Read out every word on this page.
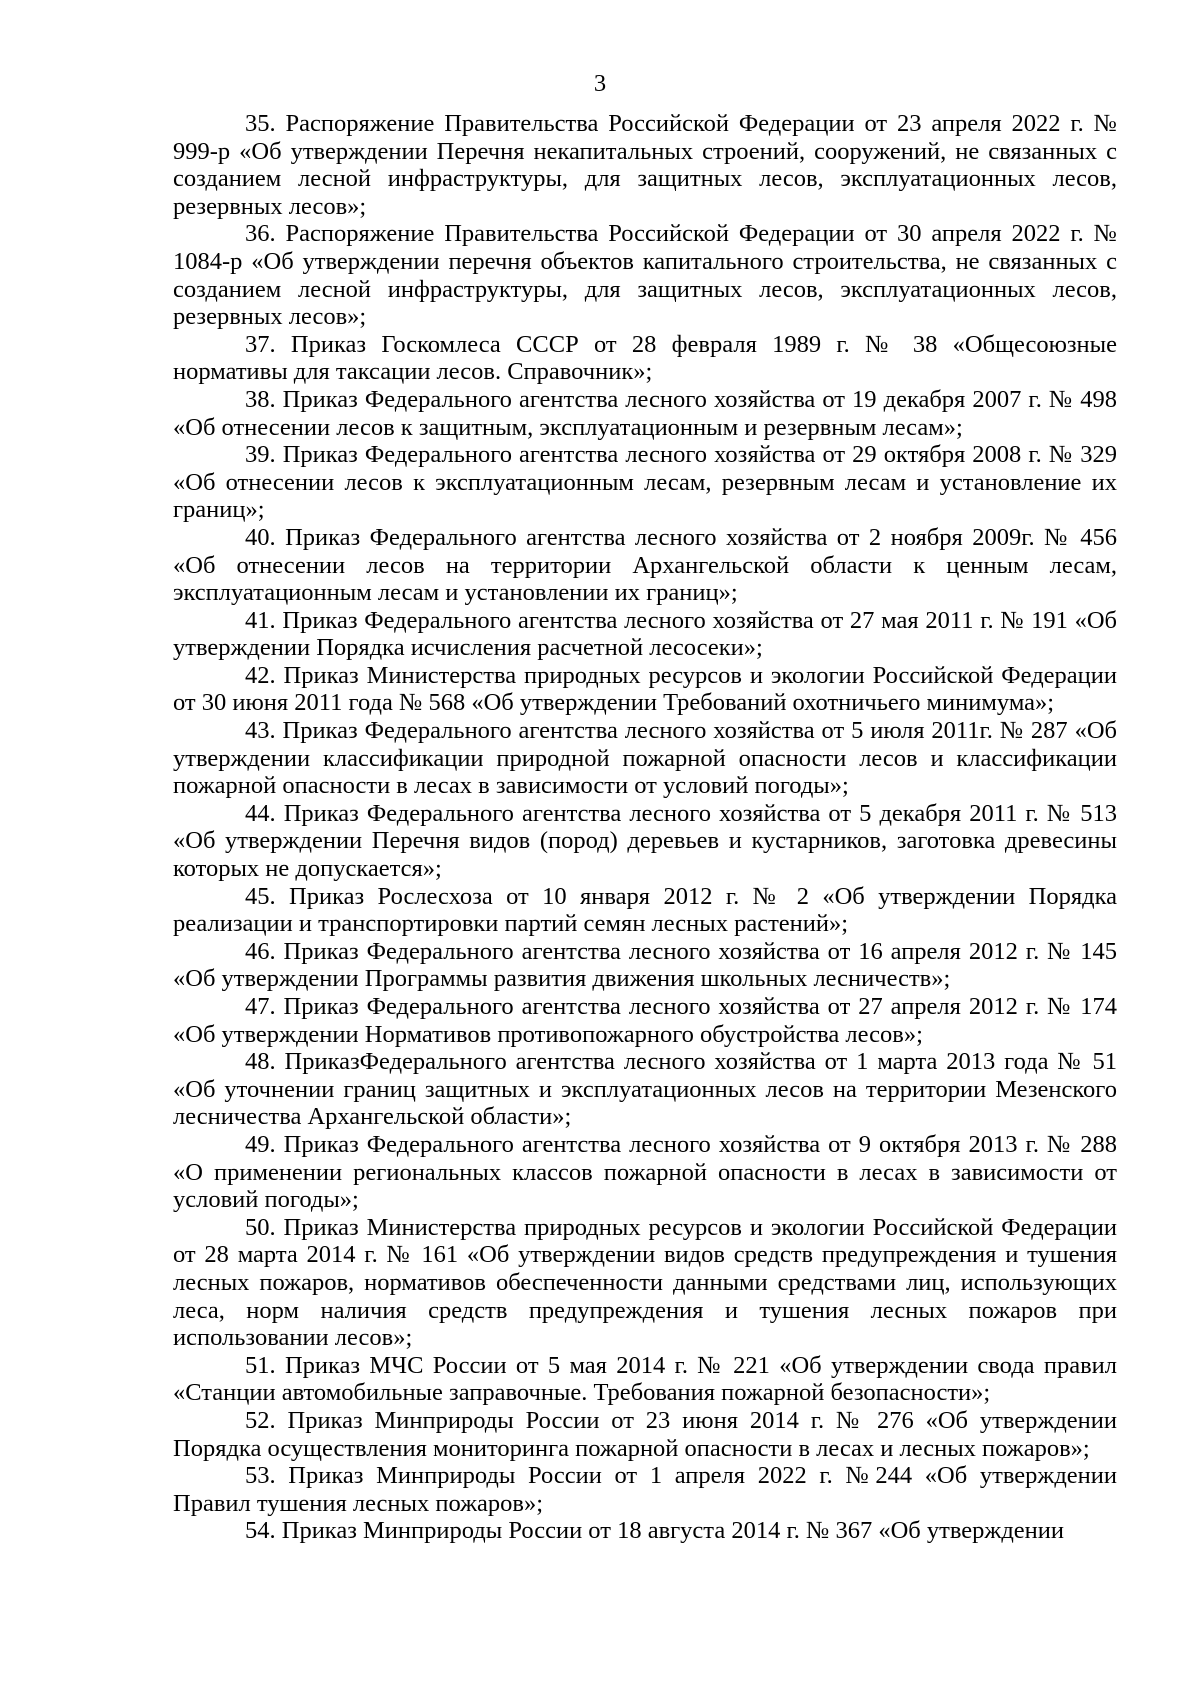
3

35. Распоряжение Правительства Российской Федерации от 23 апреля 2022 г. № 999-р «Об утверждении Перечня некапитальных строений, сооружений, не связанных с созданием лесной инфраструктуры, для защитных лесов, эксплуатационных лесов, резервных лесов»;

36. Распоряжение Правительства Российской Федерации от 30 апреля 2022 г. № 1084-р «Об утверждении перечня объектов капитального строительства, не связанных с созданием лесной инфраструктуры, для защитных лесов, эксплуатационных лесов, резервных лесов»;

37. Приказ Госкомлеса СССР от 28 февраля 1989 г. № 38 «Общесоюзные нормативы для таксации лесов. Справочник»;

38. Приказ Федерального агентства лесного хозяйства от 19 декабря 2007 г. № 498 «Об отнесении лесов к защитным, эксплуатационным и резервным лесам»;

39. Приказ Федерального агентства лесного хозяйства от 29 октября 2008 г. № 329 «Об отнесении лесов к эксплуатационным лесам, резервным лесам и установление их границ»;

40. Приказ Федерального агентства лесного хозяйства от 2 ноября 2009г. № 456 «Об отнесении лесов на территории Архангельской области к ценным лесам, эксплуатационным лесам и установлении их границ»;

41. Приказ Федерального агентства лесного хозяйства от 27 мая 2011 г. № 191 «Об утверждении Порядка исчисления расчетной лесосеки»;

42. Приказ Министерства природных ресурсов и экологии Российской Федерации от 30 июня 2011 года № 568 «Об утверждении Требований охотничьего минимума»;

43. Приказ Федерального агентства лесного хозяйства от 5 июля 2011г. № 287 «Об утверждении классификации природной пожарной опасности лесов и классификации пожарной опасности в лесах в зависимости от условий погоды»;

44. Приказ Федерального агентства лесного хозяйства от 5 декабря 2011 г. № 513 «Об утверждении Перечня видов (пород) деревьев и кустарников, заготовка древесины которых не допускается»;

45. Приказ Рослесхоза от 10 января 2012 г. № 2 «Об утверждении Порядка реализации и транспортировки партий семян лесных растений»;

46. Приказ Федерального агентства лесного хозяйства от 16 апреля 2012 г. № 145 «Об утверждении Программы развития движения школьных лесничеств»;

47. Приказ Федерального агентства лесного хозяйства от 27 апреля 2012 г. № 174 «Об утверждении Нормативов противопожарного обустройства лесов»;

48. ПриказФедерального агентства лесного хозяйства от 1 марта 2013 года № 51 «Об уточнении границ защитных и эксплуатационных лесов на территории Мезенского лесничества Архангельской области»;

49. Приказ Федерального агентства лесного хозяйства от 9 октября 2013 г. № 288 «О применении региональных классов пожарной опасности в лесах в зависимости от условий погоды»;

50. Приказ Министерства природных ресурсов и экологии Российской Федерации от 28 марта 2014 г. № 161 «Об утверждении видов средств предупреждения и тушения лесных пожаров, нормативов обеспеченности данными средствами лиц, использующих леса, норм наличия средств предупреждения и тушения лесных пожаров при использовании лесов»;

51. Приказ МЧС России от 5 мая 2014 г. № 221 «Об утверждении свода правил «Станции автомобильные заправочные. Требования пожарной безопасности»;

52. Приказ Минприроды России от 23 июня 2014 г. № 276 «Об утверждении Порядка осуществления мониторинга пожарной опасности в лесах и лесных пожаров»;

53. Приказ Минприроды России от 1 апреля 2022 г. №244 «Об утверждении Правил тушения лесных пожаров»;

54. Приказ Минприроды России от 18 августа 2014 г. № 367 «Об утверждении
